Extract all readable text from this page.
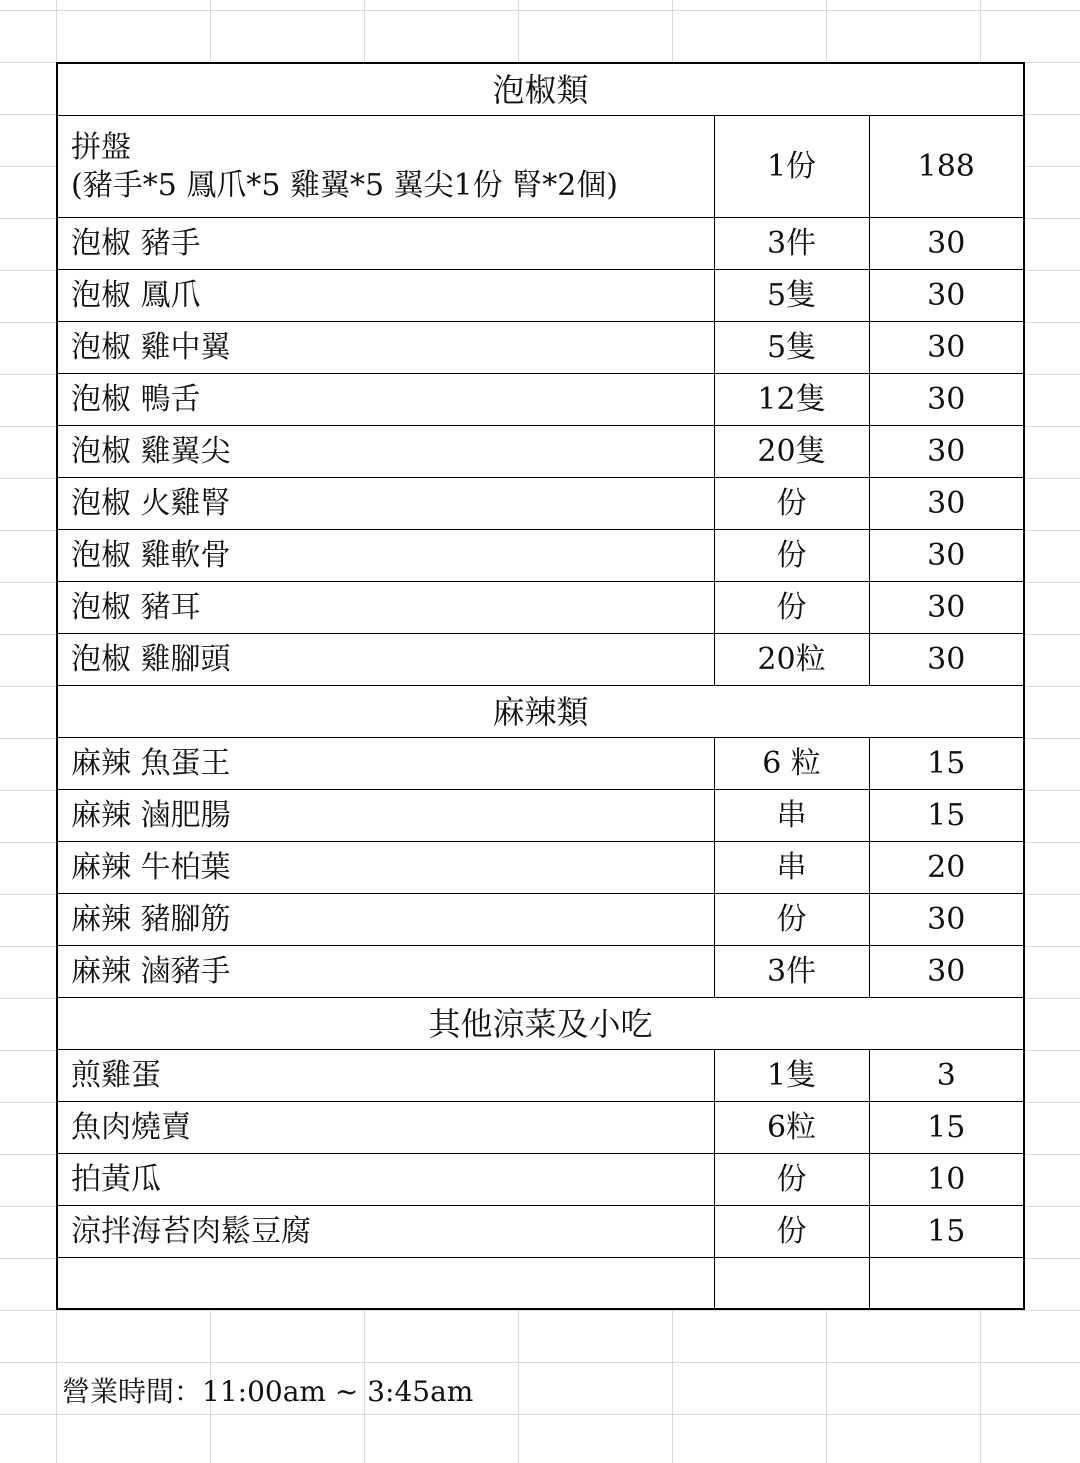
泡椒類		

拼盤
(豬手*5 鳳爪*5 雞翼*5 翼尖1份 腎*2個)	1份	188
泡椒 豬手	3件	30
泡椒 鳳爪	5隻	30
泡椒 雞中翼	5隻	30
泡椒 鴨舌	12隻	30
泡椒 雞翼尖	20隻	30
泡椒 火雞腎	份	30
泡椒 雞軟骨	份	30
泡椒 豬耳	份	30
泡椒 雞腳頭	20粒	30
麻辣類		
麻辣 魚蛋王	6 粒	15
麻辣 滷肥腸	串	15
麻辣 牛柏葉	串	20
麻辣 豬腳筋	份	30
麻辣 滷豬手	3件	30
其他涼菜及小吃		
煎雞蛋	1隻	3
魚肉燒賣	6粒	15
拍黃瓜	份	10
涼拌海苔肉鬆豆腐	份	15

營業時間：11:00am ~ 3:45am
